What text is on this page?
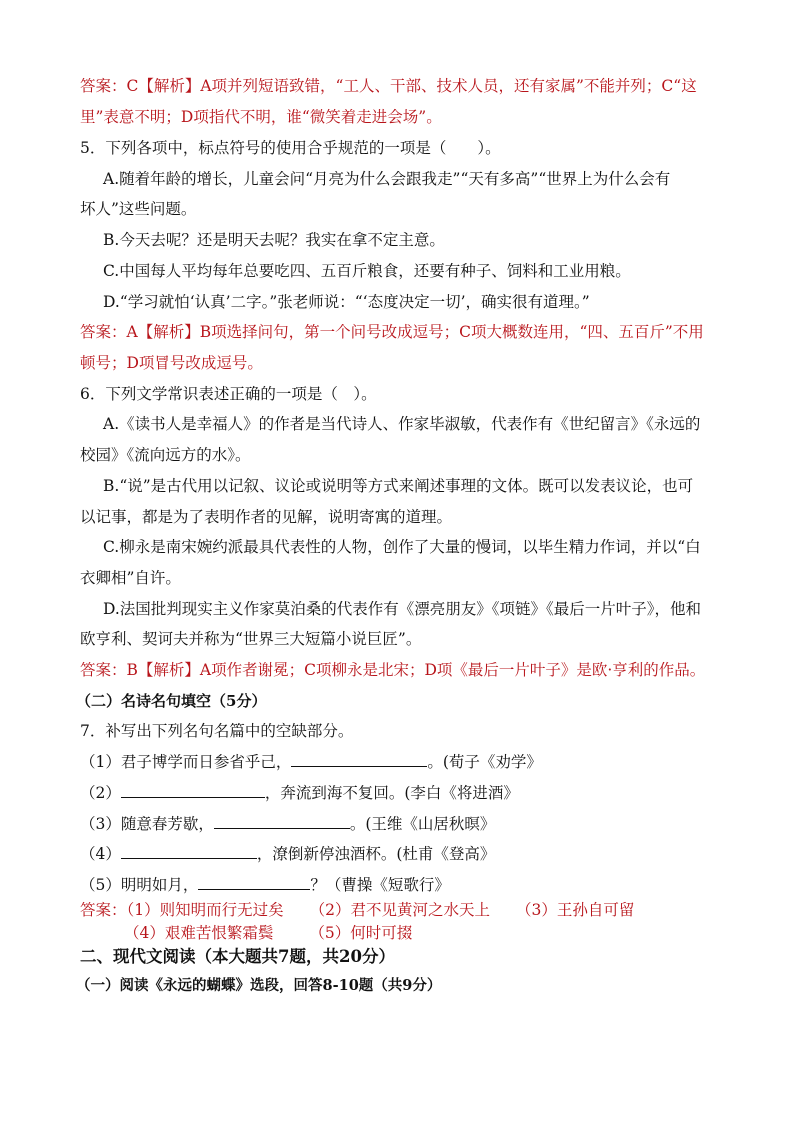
答案：C【解析】A项并列短语致错，“工人、干部、技术人员，还有家属”不能并列；C“这

里”表意不明；D项指代不明，谁“微笑着走进会场”。

5．下列各项中，标点符号的使用合乎规范的一项是（　　）。

A.随着年龄的增长，儿童会问“月亮为什么会跟我走”“天有多高”“世界上为什么会有

坏人”这些问题。

B.今天去呢？还是明天去呢？我实在拿不定主意。

C.中国每人平均每年总要吃四、五百斤粮食，还要有种子、饲料和工业用粮。

D.“学习就怕‘认真’二字。”张老师说：“‘态度决定一切’，确实很有道理。”

答案：A【解析】B项选择问句，第一个问号改成逗号；C项大概数连用，“四、五百斤”不用

顿号；D项冒号改成逗号。

6．下列文学常识表述正确的一项是（　）。

A.《读书人是幸福人》的作者是当代诗人、作家毕淑敏，代表作有《世纪留言》《永远的

校园》《流向远方的水》。

B.“说”是古代用以记叙、议论或说明等方式来阐述事理的文体。既可以发表议论，也可

以记事，都是为了表明作者的见解，说明寄寓的道理。

C.柳永是南宋婉约派最具代表性的人物，创作了大量的慢词，以毕生精力作词，并以“白

衣卿相”自许。

D.法国批判现实主义作家莫泊桑的代表作有《漂亮朋友》《项链》《最后一片叶子》，他和

欧亨利、契诃夫并称为“世界三大短篇小说巨匠”。

答案：B【解析】A项作者谢冕；C项柳永是北宋；D项《最后一片叶子》是欧·亨利的作品。

（二）名诗名句填空（5分）

7．补写出下列名句名篇中的空缺部分。

（1）君子博学而日参省乎己，	。(荀子《劝学》

（2）	，奔流到海不复回。(李白《将进酒》

（3）随意春芳歇，	。(王维《山居秋暝》

（4）	，潦倒新停浊酒杯。(杜甫《登高》

（5）明明如月，	？（曹操《短歌行》

答案：（1）则知明而行无过矣 （2）君不见黄河之水天上 （3）王孙自可留

（4）艰难苦恨繁霜鬓 （5）何时可掇

二、现代文阅读（本大题共7题，共20分）

（一）阅读《永远的蝴蝶》选段，回答8-10题（共9分）
